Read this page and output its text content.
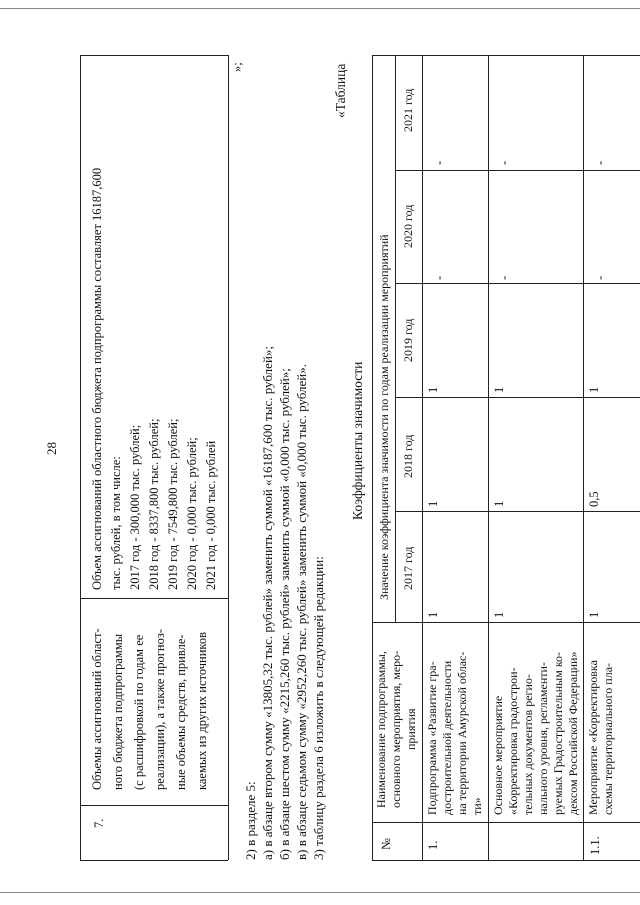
28
7.
Объемы ассигнований област- ного бюджета подпрограммы (с расшифровкой по годам ее реализации), а также прогноз- ные объемы средств, привле- каемых из других источников
Объем ассигнований областного бюджета подпрограммы составляет 16187,600 тыс. рублей, в том числе: 2017 год - 300,000 тыс. рублей; 2018 год - 8337,800 тыс. рублей; 2019 год - 7549,800 тыс. рублей; 2020 год - 0,000 тыс. рублей; 2021 год - 0,000 тыс. рублей
»;
2) в разделе 5: а) в абзаце втором сумму «13805,32 тыс. рублей» заменить суммой «16187,600 тыс. рублей»; б) в абзаце шестом сумму «2215,260 тыс. рублей» заменить суммой «0,000 тыс. рублей»; в) в абзаце седьмом сумму «2952,260 тыс. рублей» заменить суммой «0,000 тыс. рублей». 3) таблицу раздела 6 изложить в следующей редакции:
«Таблица
Коэффициенты значимости
№
Наименование подпрограммы, основного мероприятия, меро- приятия
Значение коэффициента значимости по годам реализации мероприятий 2017 год
2018 год
2019 год
2020 год
2021 год
1.
Подпрограмма «Развитие гра- достроительной деятельности на территории Амурской облас- ти»
1
1
1
-
-
Основное мероприятие «Корректировка градострои- тельных документов регио- нального уровня, регламенти- руемых Градостроительным ко- дексом Российской Федерации»
1
1
1
-
-
1.1.
Мероприятие «Корректировка схемы территориального пла-
1
0,5
1
-
-
